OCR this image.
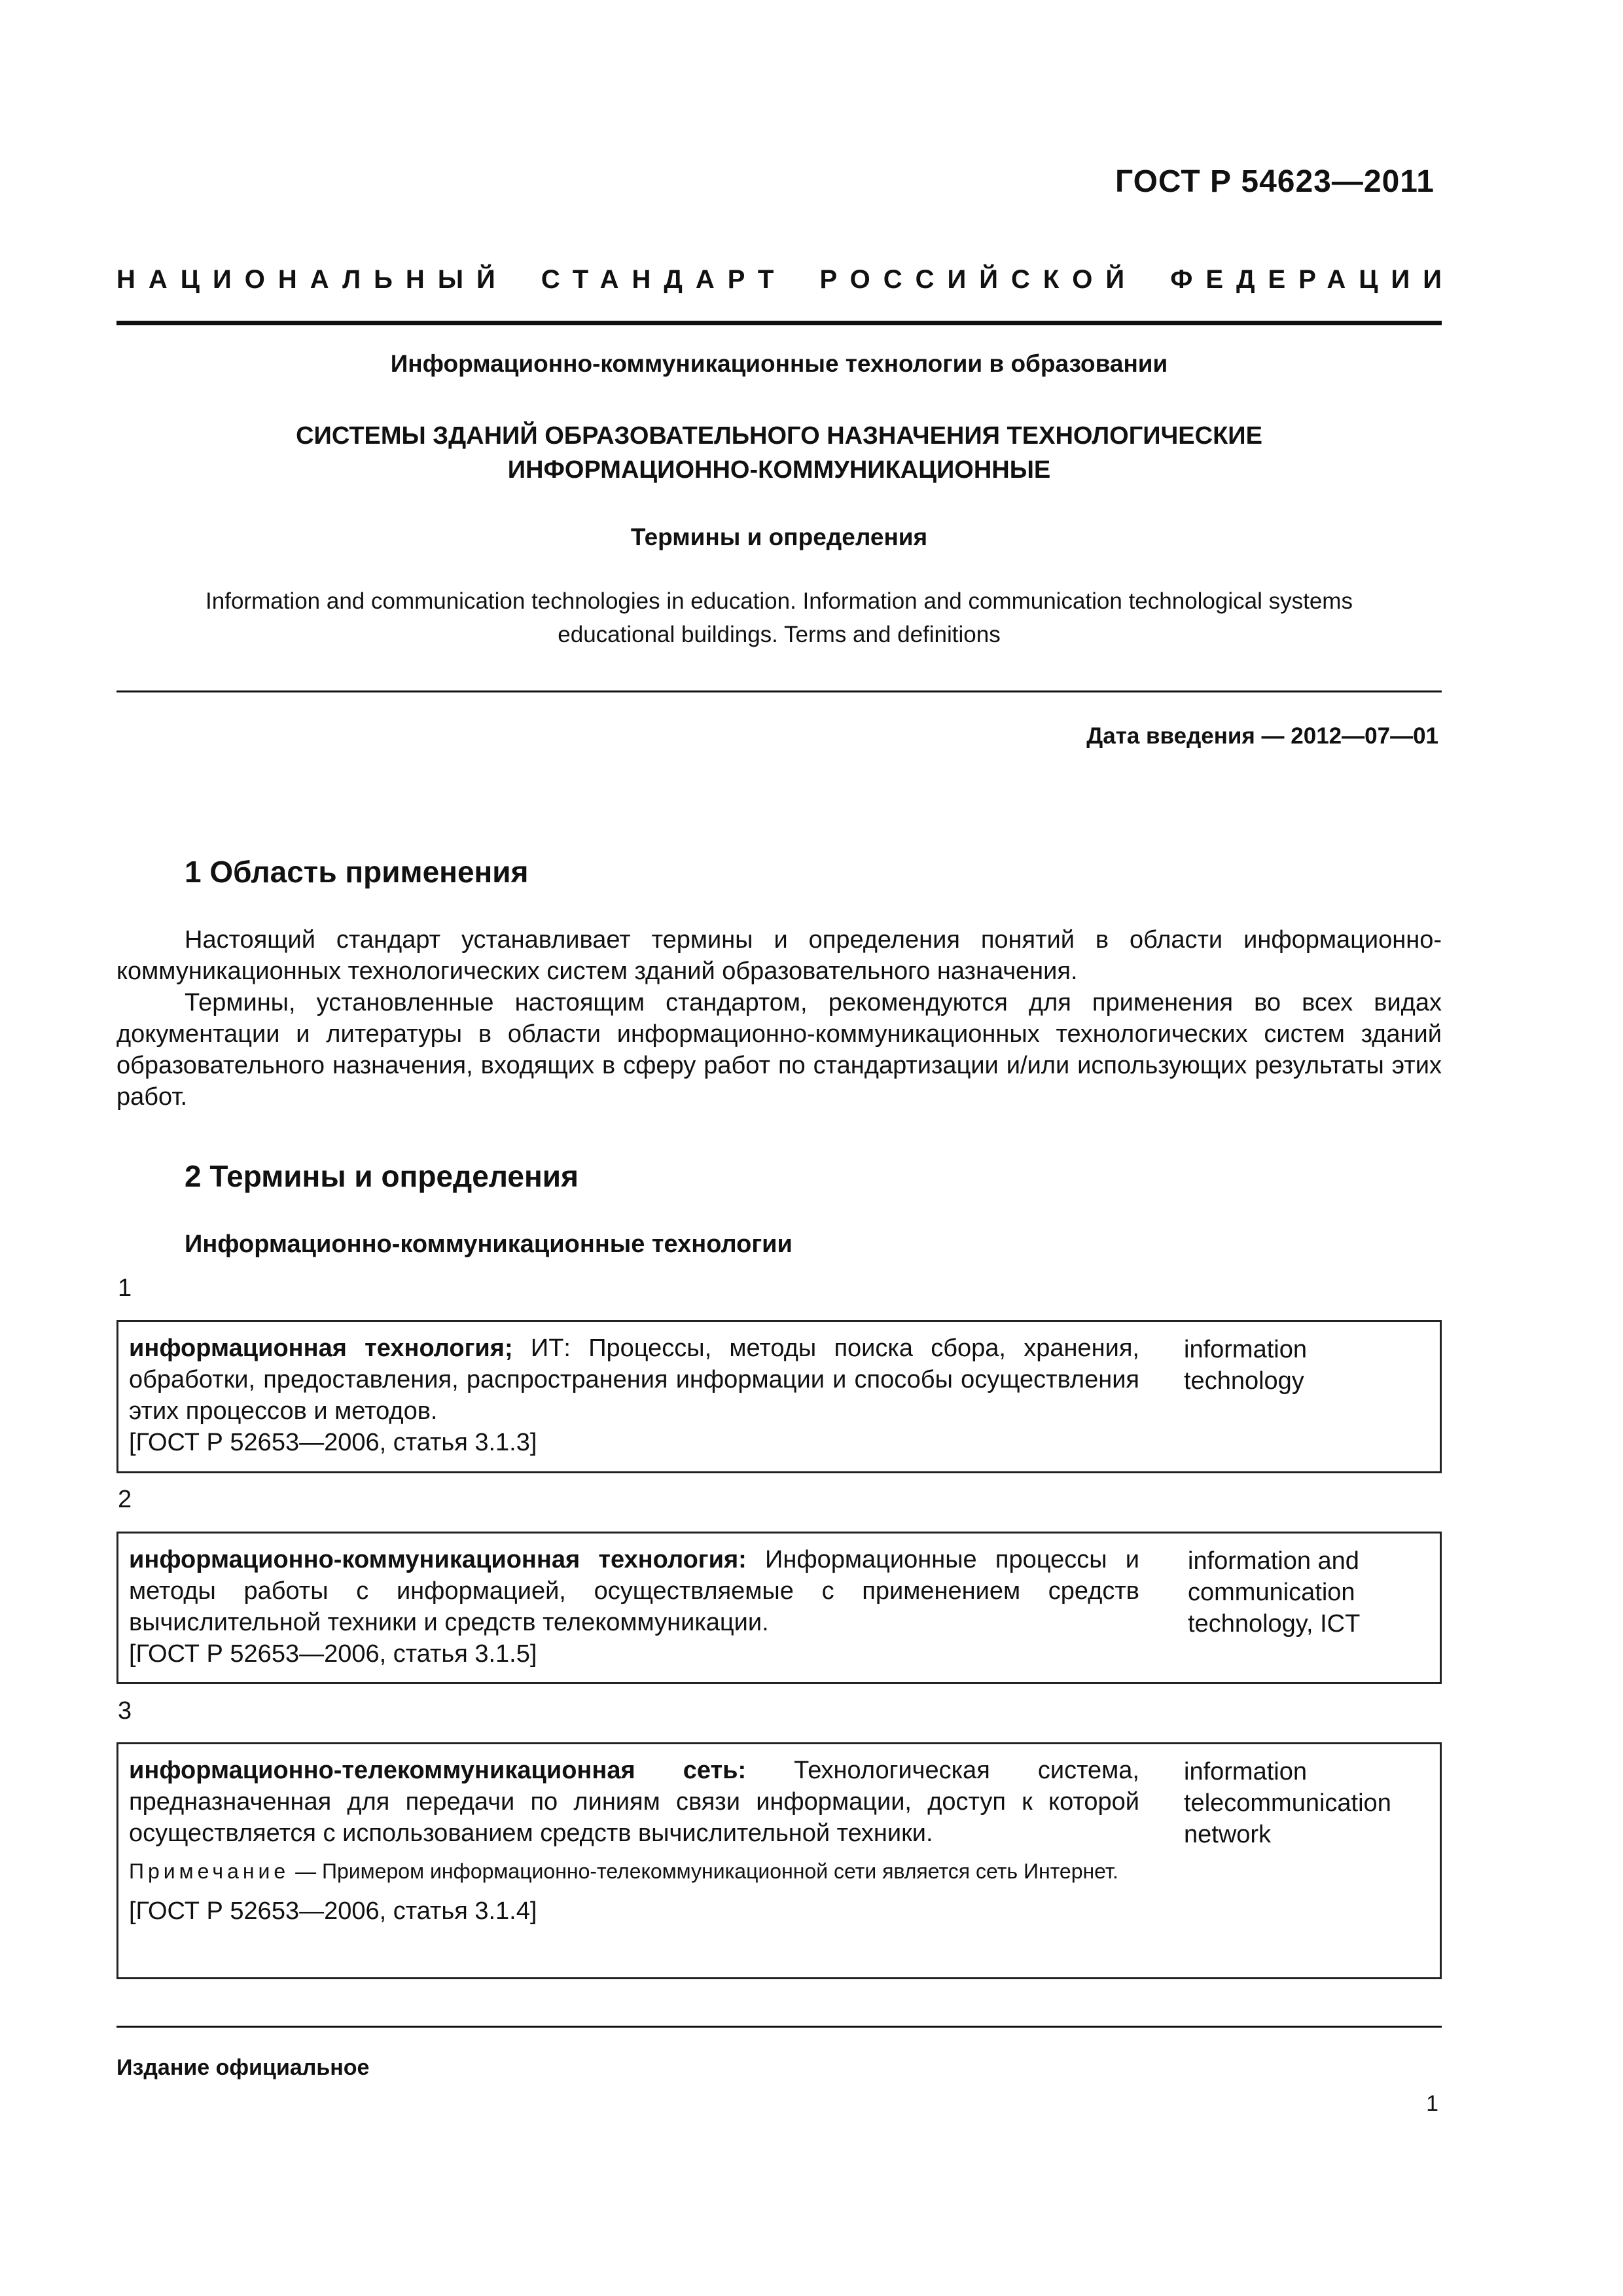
ГОСТ Р 54623—2011
НАЦИОНАЛЬНЫЙ СТАНДАРТ РОССИЙСКОЙ ФЕДЕРАЦИИ
Информационно-коммуникационные технологии в образовании
СИСТЕМЫ ЗДАНИЙ ОБРАЗОВАТЕЛЬНОГО НАЗНАЧЕНИЯ ТЕХНОЛОГИЧЕСКИЕ
ИНФОРМАЦИОННО-КОММУНИКАЦИОННЫЕ
Термины и определения
Information and communication technologies in education. Information and communication technological systems
educational buildings. Terms and definitions
Дата введения — 2012—07—01
1 Область применения

Настоящий стандарт устанавливает термины и определения понятий в области информационно-коммуникационных технологических систем зданий образовательного назначения.

Термины, установленные настоящим стандартом, рекомендуются для применения во всех видах документации и литературы в области информационно-коммуникационных технологических систем зданий образовательного назначения, входящих в сферу работ по стандартизации и/или использующих результаты этих работ.

2 Термины и определения
Информационно-коммуникационные технологии
1

информационная технология; ИТ: Процессы, методы поиска сбора, хранения, обработки, предоставления, распространения информации и способы осуществления этих процессов и методов.

[ГОСТ Р 52653—2006, статья 3.1.3]

information
technology
2

информационно-коммуникационная технология: Информационные процессы и методы работы с информацией, осуществляемые с применением средств вычислительной техники и средств телекоммуникации.

[ГОСТ Р 52653—2006, статья 3.1.5]

information and
communication
technology, ICT
3

информационно-телекоммуникационная сеть: Технологическая система, предназначенная для передачи по линиям связи информации, доступ к которой осуществляется с использованием средств вычислительной техники.

Примечание — Примером информационно-телекоммуникационной сети является сеть Интернет.

[ГОСТ Р 52653—2006, статья 3.1.4]

information
telecommunication
network
Издание официальное
1
